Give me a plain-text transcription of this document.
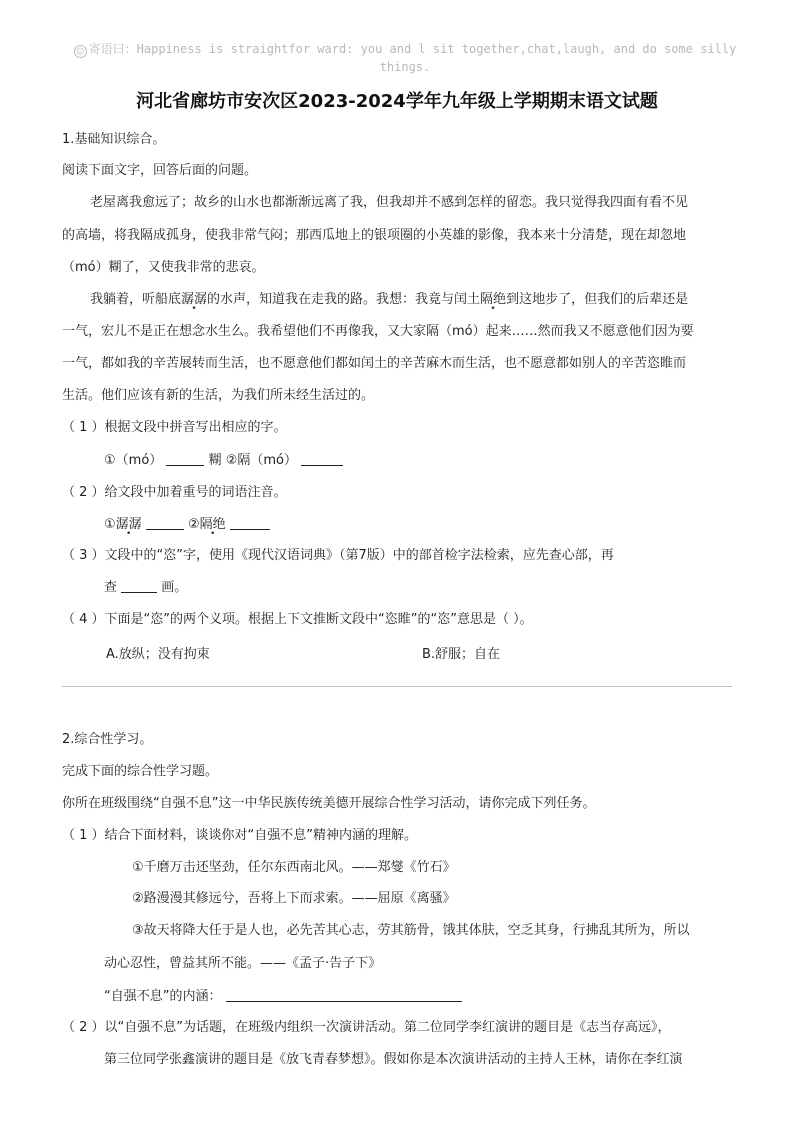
☺ 寄语曰：Happiness is straightfor ward: you and l sit together,chat,laugh, and do some silly
things.
河北省廊坊市安次区2023-2024学年九年级上学期期末语文试题
1.基础知识综合。
阅读下面文字，回答后面的问题。
老屋离我愈远了；故乡的山水也都渐渐远离了我，但我却并不感到怎样的留恋。我只觉得我四面有看不见
的高墙，将我隔成孤身，使我非常气闷；那西瓜地上的银项圈的小英雄的影像，我本来十分清楚，现在却忽地
（mó）糊了，又使我非常的悲哀。
我躺着，听船底潺潺的水声，知道我在走我的路。我想：我竟与闰土隔绝到这地步了，但我们的后辈还是
一气，宏儿不是正在想念水生么。我希望他们不再像我，又大家隔（mó）起来……然而我又不愿意他们因为要
一气，都如我的辛苦展转而生活，也不愿意他们都如闰土的辛苦麻木而生活，也不愿意都如别人的辛苦恣睢而
生活。他们应该有新的生活，为我们所未经生活过的。
（ 1 ）根据文段中拼音写出相应的字。
①（mó）	糊 ②隔（mó）
（ 2 ）给文段中加着重号的词语注音。
①潺潺	②隔绝
（ 3 ）文段中的“恣”字，使用《现代汉语词典》（第7版）中的部首检字法检索，应先查心部，再
查	画。
（ 4 ）下面是“恣”的两个义项。根据上下文推断文段中“恣睢”的“恣”意思是（ ）。
A.放纵；没有拘束	B.舒服；自在
2.综合性学习。
完成下面的综合性学习题。
你所在班级围绕“自强不息”这一中华民族传统美德开展综合性学习活动，请你完成下列任务。
（ 1 ）结合下面材料，谈谈你对“自强不息”精神内涵的理解。
①千磨万击还坚劲，任尔东西南北风。——郑燮《竹石》
②路漫漫其修远兮，吾将上下而求索。——屈原《离骚》
③故天将降大任于是人也，必先苦其心志，劳其筋骨，饿其体肤，空乏其身，行拂乱其所为，所以
动心忍性，曾益其所不能。——《孟子·告子下》
“自强不息”的内涵：
（ 2 ）以“自强不息”为话题，在班级内组织一次演讲活动。第二位同学李红演讲的题目是《志当存高远》，
第三位同学张鑫演讲的题目是《放飞青春梦想》。假如你是本次演讲活动的主持人王林，请你在李红演
